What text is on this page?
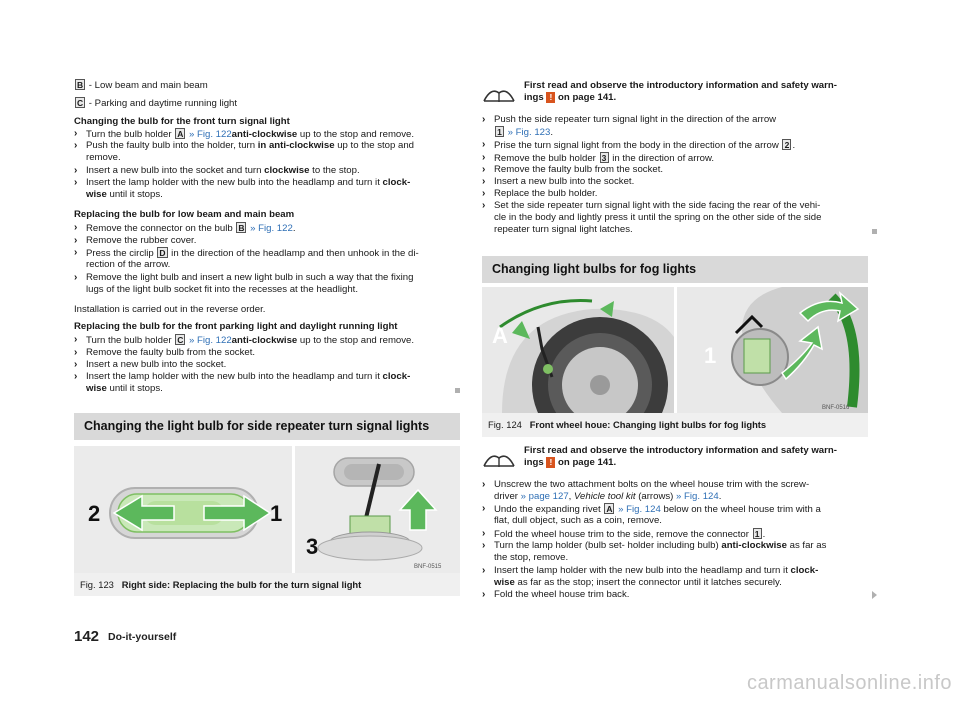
B - Low beam and main beam
C - Parking and daytime running light
Changing the bulb for the front turn signal light
› Turn the bulb holder A » Fig. 122anti-clockwise up to the stop and remove.
› Push the faulty bulb into the holder, turn in anti-clockwise up to the stop and
remove.
› Insert a new bulb into the socket and turn clockwise to the stop.
› Insert the lamp holder with the new bulb into the headlamp and turn it clock-
wise until it stops.
Replacing the bulb for low beam and main beam
› Remove the connector on the bulb B » Fig. 122.
› Remove the rubber cover.
› Press the circlip D in the direction of the headlamp and then unhook in the di-
rection of the arrow.
› Remove the light bulb and insert a new light bulb in such a way that the fixing
lugs of the light bulb socket fit into the recesses at the headlight.
Installation is carried out in the reverse order.
Replacing the bulb for the front parking light and daylight running light
› Turn the bulb holder C » Fig. 122anti-clockwise up to the stop and remove.
› Remove the faulty bulb from the socket.
› Insert a new bulb into the socket.
› Insert the lamp holder with the new bulb into the headlamp and turn it clock-
wise until it stops.
Changing the light bulb for side repeater turn signal lights
2	1
3
BNF-0515
Fig. 123 Right side: Replacing the bulb for the turn signal light
First read and observe the introductory information and safety warn-
ings ! on page 141.
› Push the side repeater turn signal light in the direction of the arrow
1 » Fig. 123.
› Prise the turn signal light from the body in the direction of the arrow 2 .
› Remove the bulb holder 3 in the direction of arrow.
› Remove the faulty bulb from the socket.
› Insert a new bulb into the socket.
› Replace the bulb holder.
› Set the side repeater turn signal light with the side facing the rear of the vehi-
cle in the body and lightly press it until the spring on the other side of the side
repeater turn signal light latches.
Changing light bulbs for fog lights
A
1
BNF-0516
Fig. 124 Front wheel houe: Changing light bulbs for fog lights
First read and observe the introductory information and safety warn-
ings ! on page 141.
› Unscrew the two attachment bolts on the wheel house trim with the screw-
driver » page 127, Vehicle tool kit (arrows) » Fig. 124.
› Undo the expanding rivet A » Fig. 124 below on the wheel house trim with a
flat, dull object, such as a coin, remove.
› Fold the wheel house trim to the side, remove the connector 1 .
› Turn the lamp holder (bulb set- holder including bulb) anti-clockwise as far as
the stop, remove.
› Insert the lamp holder with the new bulb into the headlamp and turn it clock-
wise as far as the stop; insert the connector until it latches securely.
› Fold the wheel house trim back.
142 Do-it-yourself
carmanualsonline.info
